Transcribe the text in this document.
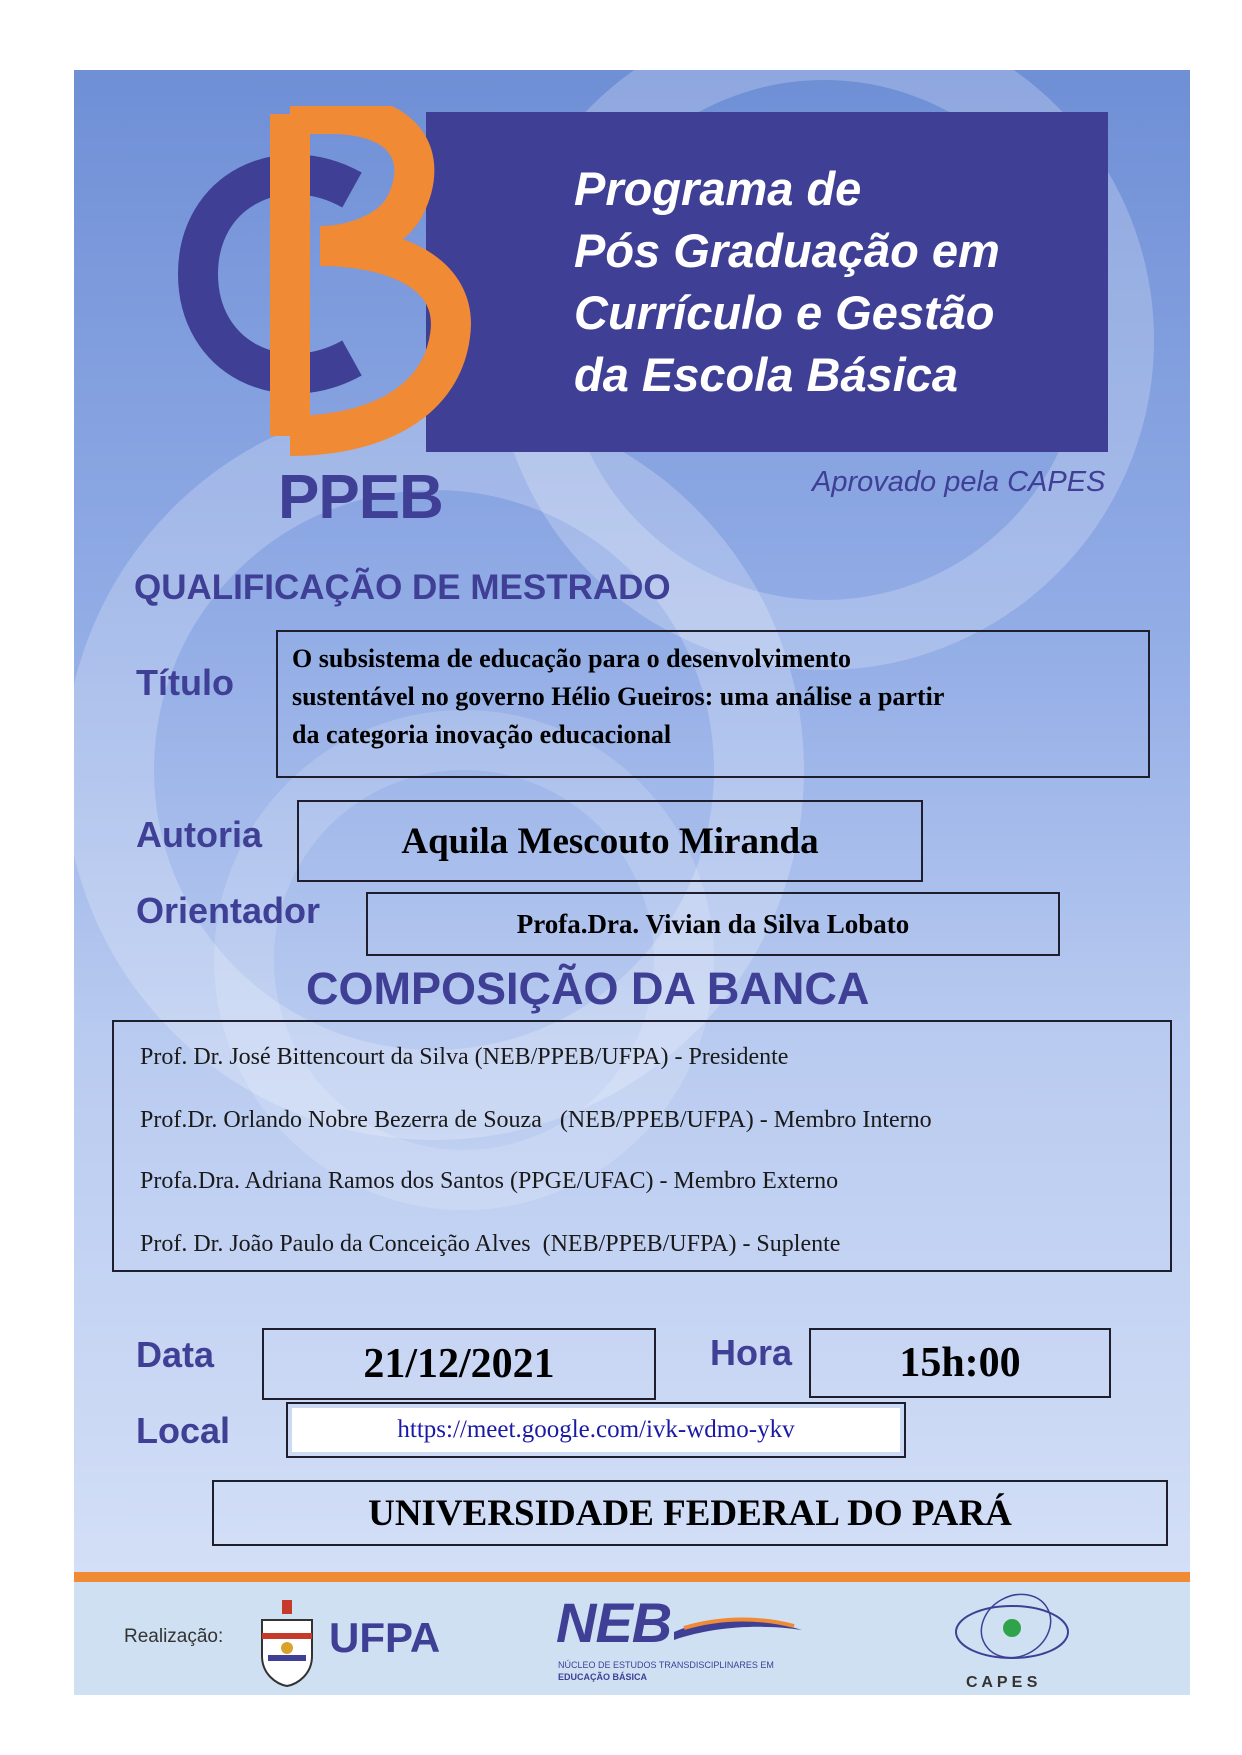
Programa de
Pós Graduação em
Currículo e Gestão
da Escola Básica
PPEB	Aprovado pela CAPES
QUALIFICAÇÃO DE MESTRADO
Título
O subsistema de educação para o desenvolvimento
sustentável no governo Hélio Gueiros: uma análise a partir
da categoria inovação educacional
Autoria	Aquila Mescouto Miranda
Orientador	Profa.Dra. Vivian da Silva Lobato
COMPOSIÇÃO DA BANCA
Prof. Dr. José Bittencourt da Silva (NEB/PPEB/UFPA) - Presidente
Prof.Dr. Orlando Nobre Bezerra de Souza   (NEB/PPEB/UFPA) - Membro Interno
Profa.Dra. Adriana Ramos dos Santos (PPGE/UFAC) - Membro Externo
Prof. Dr. João Paulo da Conceição Alves  (NEB/PPEB/UFPA) - Suplente
Data	21/12/2021	Hora	15h:00
Local	https://meet.google.com/ivk-wdmo-ykv
UNIVERSIDADE FEDERAL DO PARÁ
Realização:	UFPA NEB
NÚCLEO DE ESTUDOS TRANSDISCIPLINARES EM
EDUCAÇÃO BÁSICA	C A P E S
